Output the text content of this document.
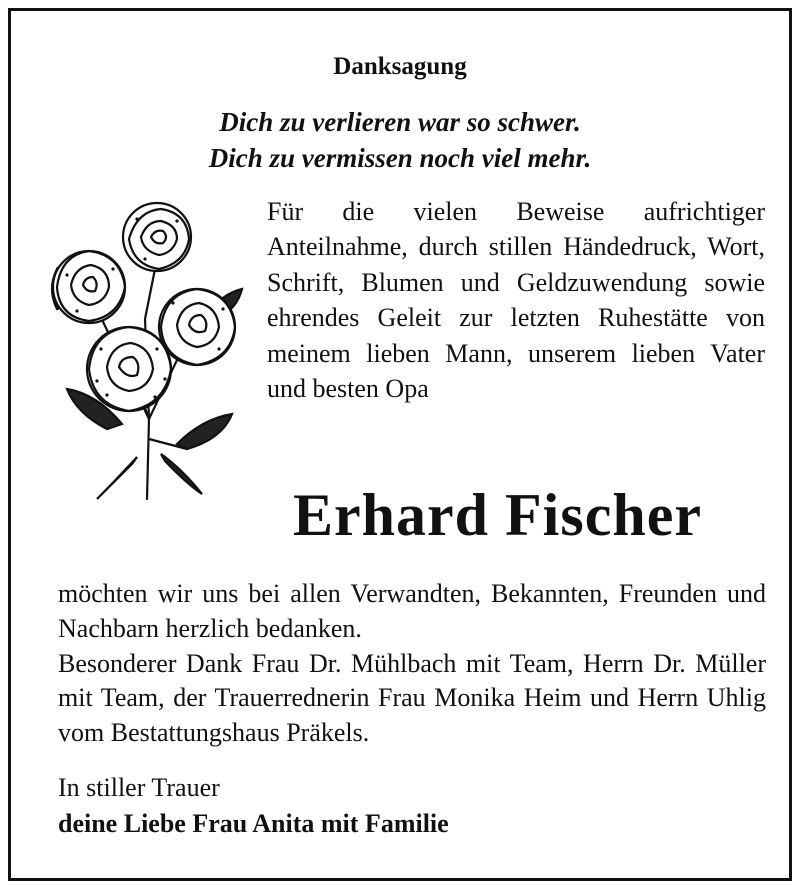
Danksagung
Dich zu verlieren war so schwer.
Dich zu vermissen noch viel mehr.
Für die vielen Beweise aufrichtiger Anteilnahme, durch stillen Händedruck, Wort, Schrift, Blumen und Geldzuwendung sowie ehrendes Geleit zur letzten Ruhestätte von meinem lieben Mann, unserem lieben Vater und besten Opa
Erhard Fischer
möchten wir uns bei allen Verwandten, Bekannten, Freunden und Nachbarn herzlich bedanken.
Besonderer Dank Frau Dr. Mühlbach mit Team, Herrn Dr. Müller mit Team, der Trauerrednerin Frau Monika Heim und Herrn Uhlig vom Bestattungshaus Präkels.
In stiller Trauer
deine Liebe Frau Anita mit Familie
